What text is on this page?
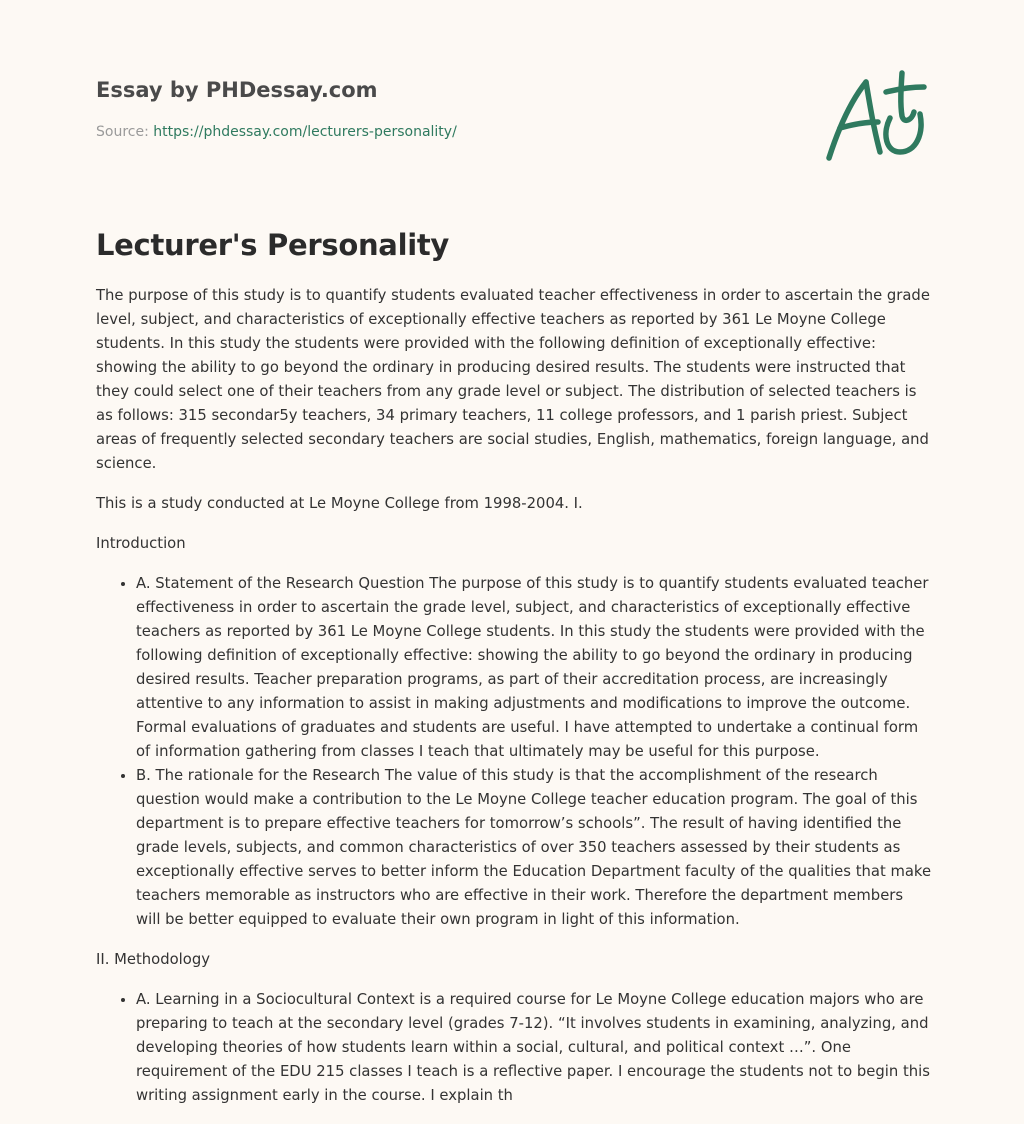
Essay by PHDessay.com
Source: https://phdessay.com/lecturers-personality/
Lecturer's Personality

The purpose of this study is to quantify students evaluated teacher effectiveness in order to ascertain the grade level, subject, and characteristics of exceptionally effective teachers as reported by 361 Le Moyne College students. In this study the students were provided with the following definition of exceptionally effective: showing the ability to go beyond the ordinary in producing desired results. The students were instructed that they could select one of their teachers from any grade level or subject. The distribution of selected teachers is as follows: 315 secondar5y teachers, 34 primary teachers, 11 college professors, and 1 parish priest. Subject areas of frequently selected secondary teachers are social studies, English, mathematics, foreign language, and science.

This is a study conducted at Le Moyne College from 1998-2004. I.

Introduction

• A. Statement of the Research Question The purpose of this study is to quantify students evaluated teacher effectiveness in order to ascertain the grade level, subject, and characteristics of exceptionally effective teachers as reported by 361 Le Moyne College students. In this study the students were provided with the following definition of exceptionally effective: showing the ability to go beyond the ordinary in producing desired results. Teacher preparation programs, as part of their accreditation process, are increasingly attentive to any information to assist in making adjustments and modifications to improve the outcome. Formal evaluations of graduates and students are useful. I have attempted to undertake a continual form of information gathering from classes I teach that ultimately may be useful for this purpose.
• B. The rationale for the Research The value of this study is that the accomplishment of the research question would make a contribution to the Le Moyne College teacher education program. The goal of this department is to prepare effective teachers for tomorrow’s schools”. The result of having identified the grade levels, subjects, and common characteristics of over 350 teachers assessed by their students as exceptionally effective serves to better inform the Education Department faculty of the qualities that make teachers memorable as instructors who are effective in their work. Therefore the department members will be better equipped to evaluate their own program in light of this information.

II. Methodology

• A. Learning in a Sociocultural Context is a required course for Le Moyne College education majors who are preparing to teach at the secondary level (grades 7-12). “It involves students in examining, analyzing, and developing theories of how students learn within a social, cultural, and political context …”. One requirement of the EDU 215 classes I teach is a reflective paper. I encourage the students not to begin this writing assignment early in the course. I explain th
